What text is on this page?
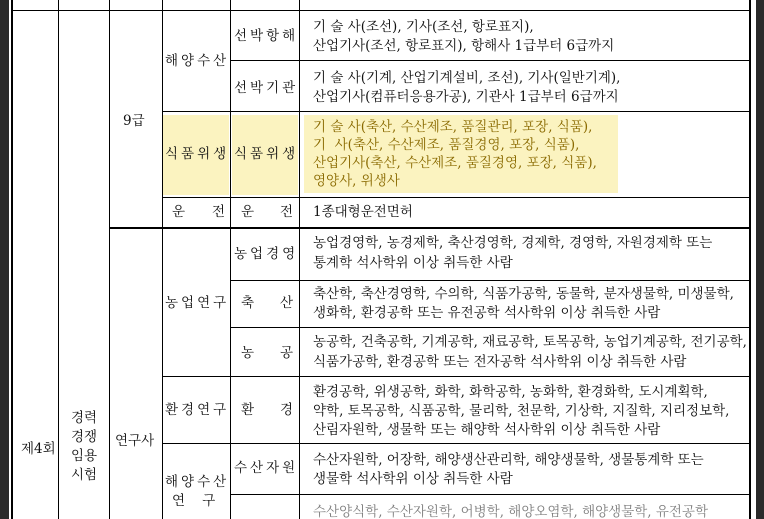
제4회
경력
경쟁
임용
시험
9급
연구사
해양수산
식품위생
운 전
농업연구
환경연구
해양수산
연    구
선박항해
선박기관
식품위생
운 전
농업경영
축 산
농 공
환 경
수산자원
기 술 사(조선), 기사(조선, 항로표지),
산업기사(조선, 항로표지), 항해사 1급부터 6급까지
기 술 사(기계, 산업기계설비, 조선), 기사(일반기계),
산업기사(컴퓨터응용가공), 기관사 1급부터 6급까지
기 술 사(축산, 수산제조, 품질관리, 포장, 식품),
기  사(축산, 수산제조, 품질경영, 포장, 식품),
산업기사(축산, 수산제조, 품질경영, 포장, 식품),
영양사, 위생사
1종대형운전면허
농업경영학, 농경제학, 축산경영학, 경제학, 경영학, 자원경제학 또는
통계학 석사학위 이상 취득한 사람
축산학, 축산경영학, 수의학, 식품가공학, 동물학, 분자생물학, 미생물학,
생화학, 환경공학 또는 유전공학 석사학위 이상 취득한 사람
농공학, 건축공학, 기계공학, 재료공학, 토목공학, 농업기계공학, 전기공학,
식품가공학, 환경공학 또는 전자공학 석사학위 이상 취득한 사람
환경공학, 위생공학, 화학, 화학공학, 농화학, 환경화학, 도시계획학,
약학, 토목공학, 식품공학, 물리학, 천문학, 기상학, 지질학, 지리정보학,
산림자원학, 생물학 또는 해양학 석사학위 이상 취득한 사람
수산자원학, 어장학, 해양생산관리학, 해양생물학, 생물통계학 또는
생물학 석사학위 이상 취득한 사람
수산양식학, 수산자원학, 어병학, 해양오염학, 해양생물학, 유전공학
